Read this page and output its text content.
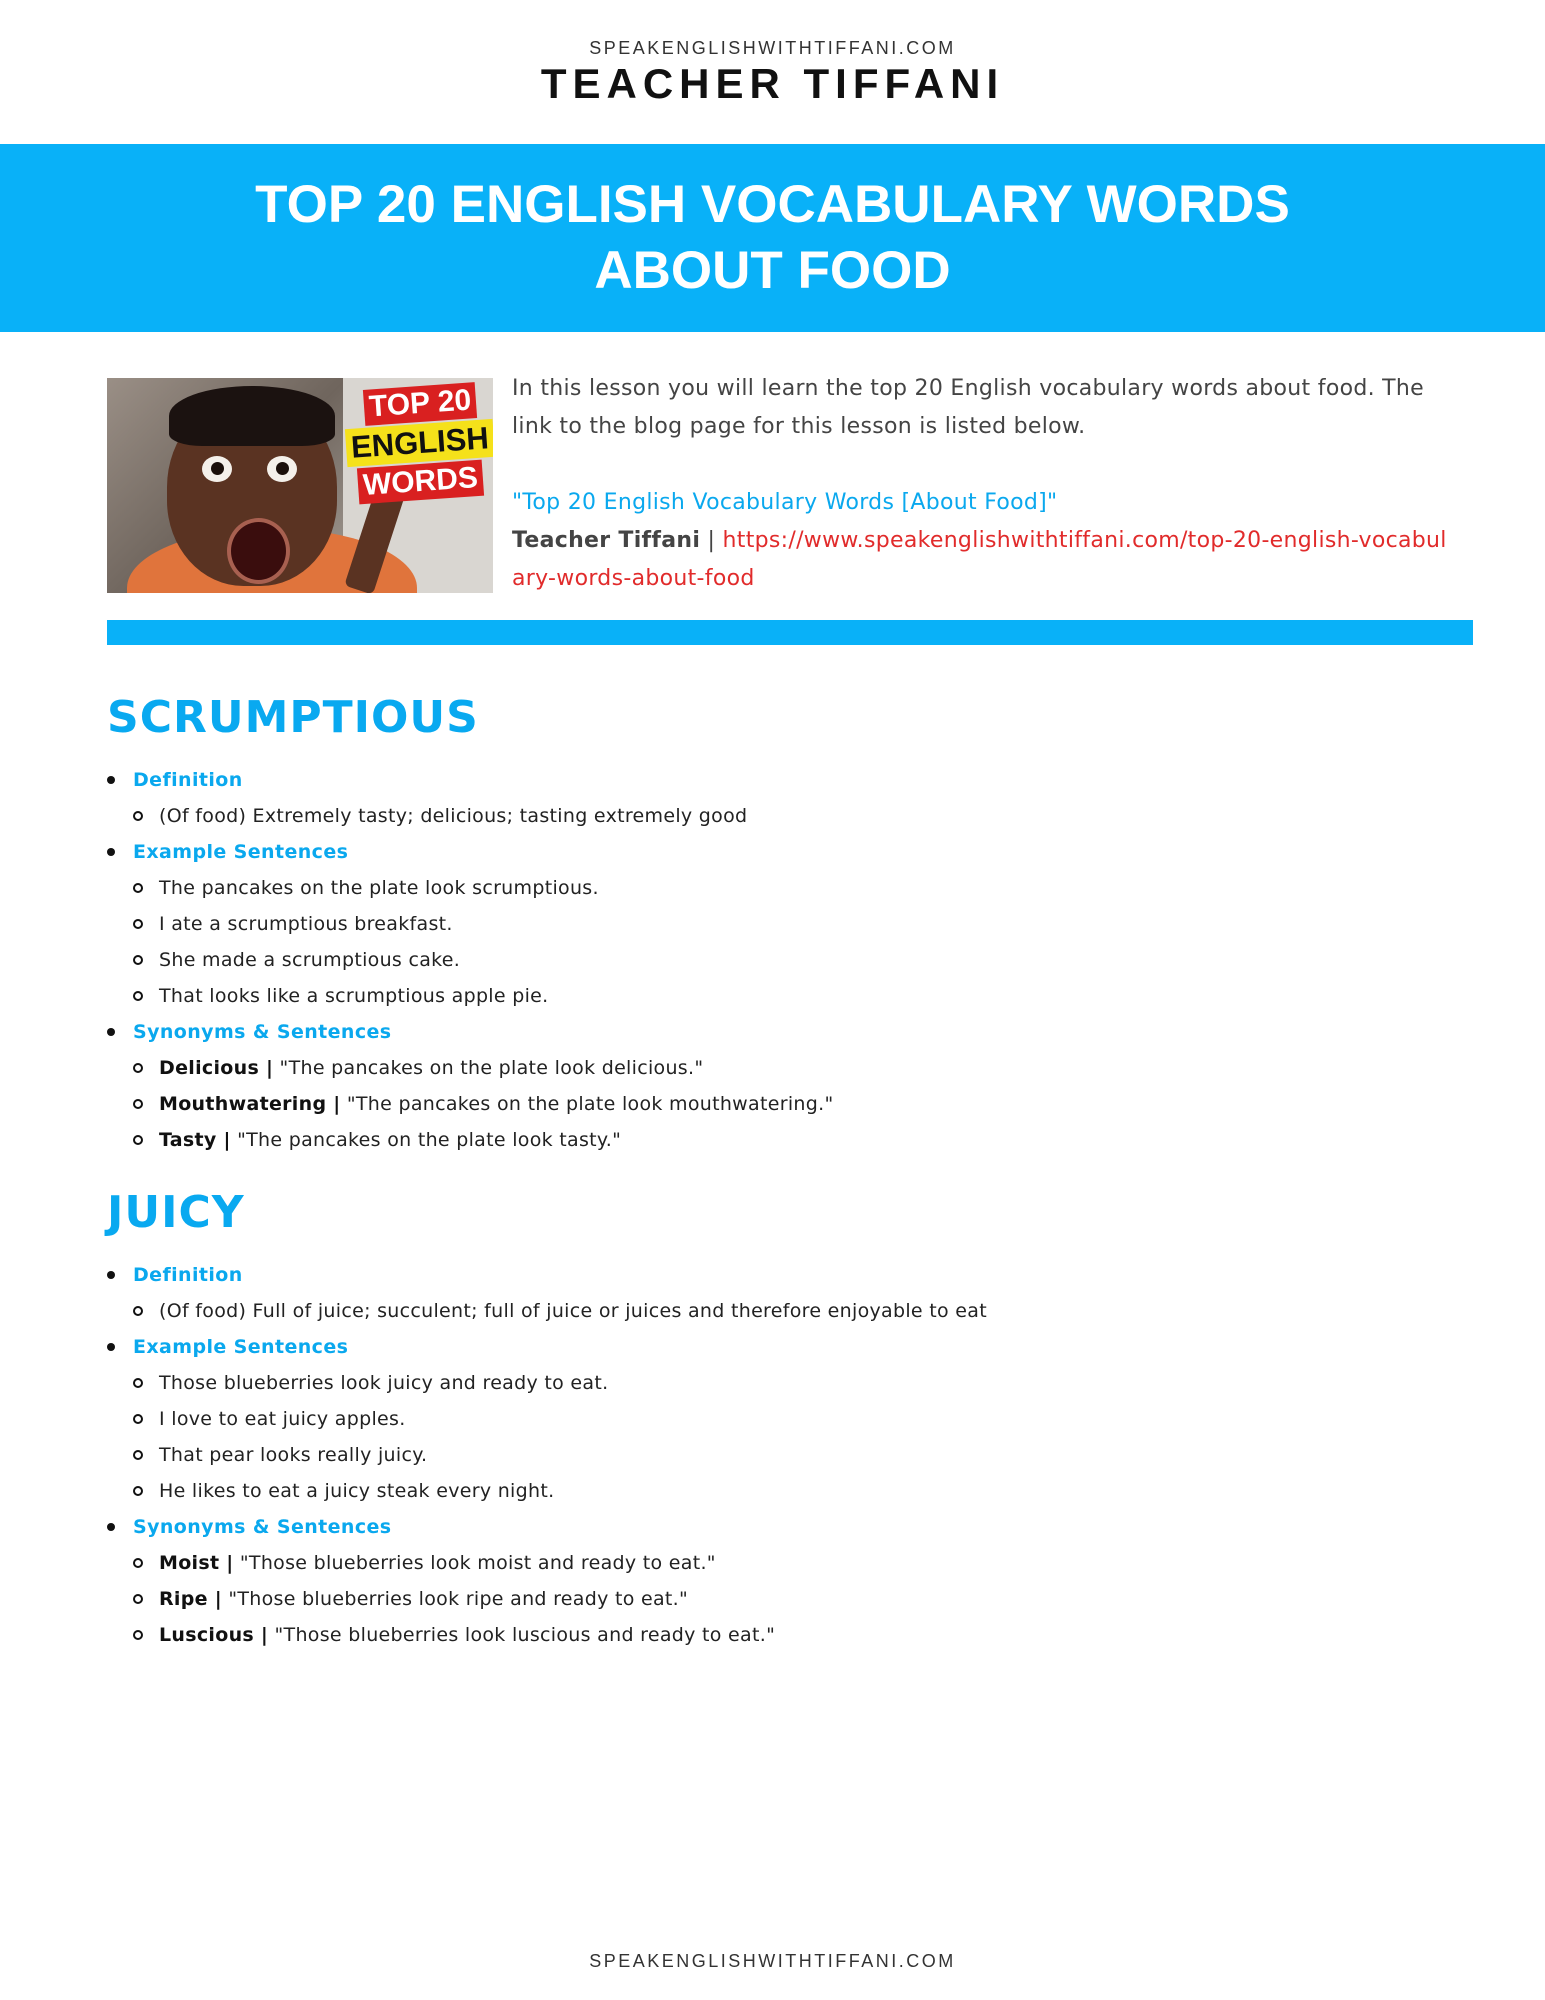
SPEAKENGLISHWITHTIFFANI.COM
TEACHER TIFFANI
TOP 20 ENGLISH VOCABULARY WORDS
ABOUT FOOD
TOP 20
ENGLISH
WORDS

In this lesson you will learn the top 20 English vocabulary words about food. The link to the blog page for this lesson is listed below.

"Top 20 English Vocabulary Words [About Food]"

Teacher Tiffani | https://www.speakenglishwithtiffani.com/top-20-english-vocabulary-words-about-food

SCRUMPTIOUS
Definition
(Of food) Extremely tasty; delicious; tasting extremely good
Example Sentences
The pancakes on the plate look scrumptious.
I ate a scrumptious breakfast.
She made a scrumptious cake.
That looks like a scrumptious apple pie.
Synonyms & Sentences
Delicious | "The pancakes on the plate look delicious."
Mouthwatering | "The pancakes on the plate look mouthwatering."
Tasty | "The pancakes on the plate look tasty."
JUICY
Definition
(Of food) Full of juice; succulent; full of juice or juices and therefore enjoyable to eat
Example Sentences
Those blueberries look juicy and ready to eat.
I love to eat juicy apples.
That pear looks really juicy.
He likes to eat a juicy steak every night.
Synonyms & Sentences
Moist | "Those blueberries look moist and ready to eat."
Ripe | "Those blueberries look ripe and ready to eat."
Luscious | "Those blueberries look luscious and ready to eat."
SPEAKENGLISHWITHTIFFANI.COM
